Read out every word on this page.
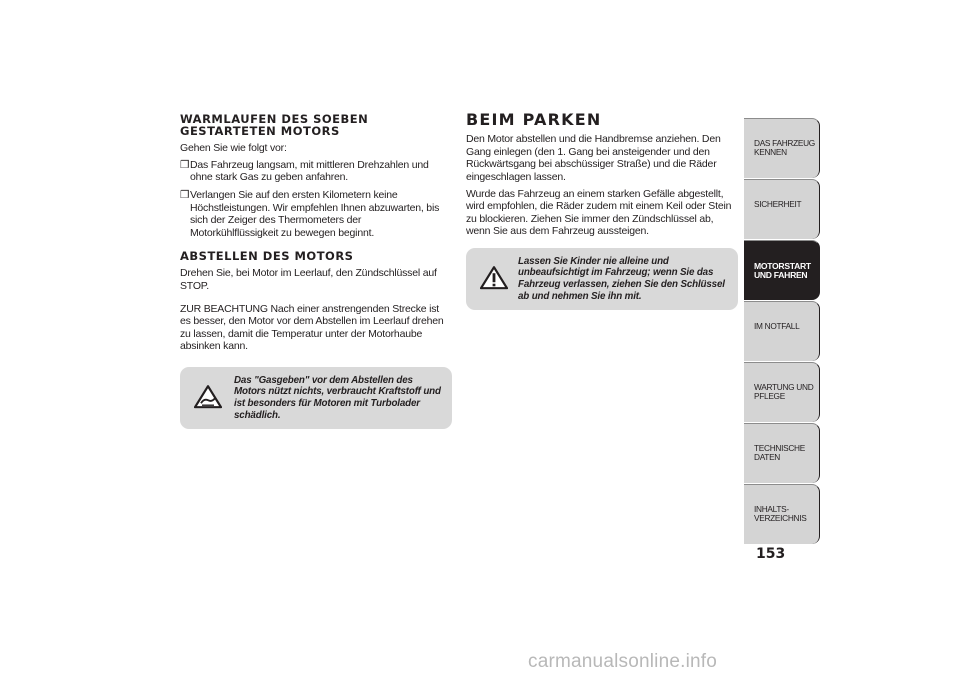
WARMLAUFEN DES SOEBEN GESTARTETEN MOTORS

Gehen Sie wie folgt vor:

❒ Das Fahrzeug langsam, mit mittleren Drehzahlen und ohne stark Gas zu geben anfahren.
❒ Verlangen Sie auf den ersten Kilometern keine Höchstleistungen. Wir empfehlen Ihnen abzuwarten, bis sich der Zeiger des Thermometers der Motorkühlflüssigkeit zu bewegen beginnt.
ABSTELLEN DES MOTORS

Drehen Sie, bei Motor im Leerlauf, den Zündschlüssel auf STOP.

ZUR BEACHTUNG Nach einer anstrengenden Strecke ist es besser, den Motor vor dem Abstellen im Leerlauf drehen zu lassen, damit die Temperatur unter der Motorhaube absinken kann.

Das "Gasgeben" vor dem Abstellen des Motors nützt nichts, verbraucht Kraftstoff und ist besonders für Motoren mit Turbolader schädlich.
BEIM PARKEN

Den Motor abstellen und die Handbremse anziehen. Den Gang einlegen (den 1. Gang bei ansteigender und den Rückwärtsgang bei abschüssiger Straße) und die Räder eingeschlagen lassen.

Wurde das Fahrzeug an einem starken Gefälle abgestellt, wird empfohlen, die Räder zudem mit einem Keil oder Stein zu blockieren. Ziehen Sie immer den Zündschlüssel ab, wenn Sie aus dem Fahrzeug aussteigen.

Lassen Sie Kinder nie alleine und unbeaufsichtigt im Fahrzeug; wenn Sie das Fahrzeug verlassen, ziehen Sie den Schlüssel ab und nehmen Sie ihn mit.
DAS FAHRZEUG KENNEN
SICHERHEIT
MOTORSTART UND FAHREN
IM NOTFALL
WARTUNG UND PFLEGE
TECHNISCHE DATEN
INHALTS-VERZEICHNIS
153
carmanualsonline.info
